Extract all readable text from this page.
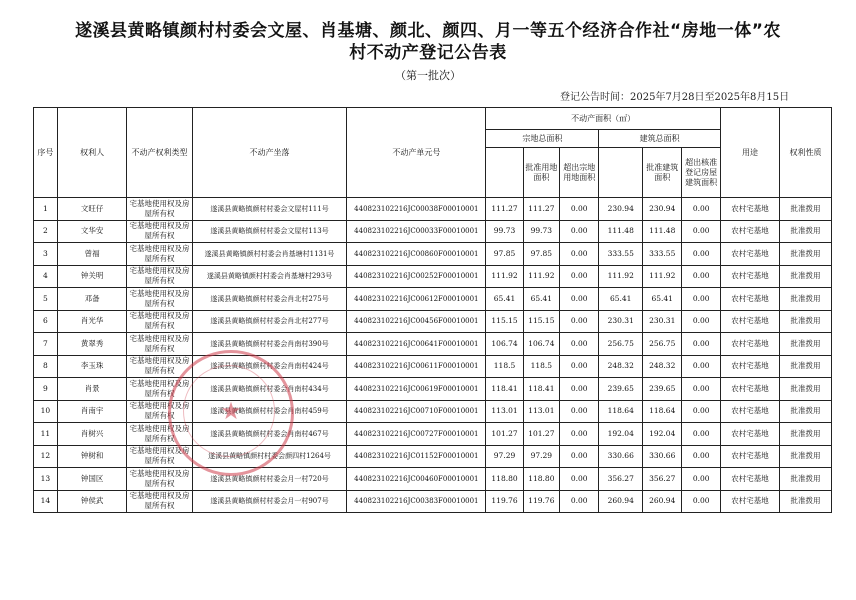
遂溪县黄略镇颜村村委会文屋、肖基塘、颜北、颜四、月一等五个经济合作社“房地一体”农
村不动产登记公告表
（第一批次）
登记公告时间：2025年7月28日至2025年8月15日
序号	权利人	不动产权利类型	不动产坐落	不动产单元号	不动产面积（㎡）						用途	权利性质
					宗地总面积			建筑总面积				
						批准用地面积	超出宗地用地面积		批准建筑面积	超出核准登记房屋建筑面积		
1	文旺仔	宅基地使用权及房屋所有权	遂溪县黄略镇颜村村委会文屋村111号	440823102216JC00038F00010001	111.27	111.27	0.00	230.94	230.94	0.00	农村宅基地	批准拨用
2	文华安	宅基地使用权及房屋所有权	遂溪县黄略镇颜村村委会文屋村113号	440823102216JC00033F00010001	99.73	99.73	0.00	111.48	111.48	0.00	农村宅基地	批准拨用
3	曾福	宅基地使用权及房屋所有权	遂溪县黄略镇颜村村委会肖基塘村1131号	440823102216JC00860F00010001	97.85	97.85	0.00	333.55	333.55	0.00	农村宅基地	批准拨用
4	钟关明	宅基地使用权及房屋所有权	遂溪县黄略镇颜村村委会肖基塘村293号	440823102216JC00252F00010001	111.92	111.92	0.00	111.92	111.92	0.00	农村宅基地	批准拨用
5	邓备	宅基地使用权及房屋所有权	遂溪县黄略镇颜村村委会肖北村275号	440823102216JC00612F00010001	65.41	65.41	0.00	65.41	65.41	0.00	农村宅基地	批准拨用
6	肖光华	宅基地使用权及房屋所有权	遂溪县黄略镇颜村村委会肖北村277号	440823102216JC00456F00010001	115.15	115.15	0.00	230.31	230.31	0.00	农村宅基地	批准拨用
7	黄翠秀	宅基地使用权及房屋所有权	遂溪县黄略镇颜村村委会肖南村390号	440823102216JC00641F00010001	106.74	106.74	0.00	256.75	256.75	0.00	农村宅基地	批准拨用
8	李玉珠	宅基地使用权及房屋所有权	遂溪县黄略镇颜村村委会肖南村424号	440823102216JC00611F00010001	118.5	118.5	0.00	248.32	248.32	0.00	农村宅基地	批准拨用
9	肖景	宅基地使用权及房屋所有权	遂溪县黄略镇颜村村委会肖南村434号	440823102216JC00619F00010001	118.41	118.41	0.00	239.65	239.65	0.00	农村宅基地	批准拨用
10	肖南宇	宅基地使用权及房屋所有权	遂溪县黄略镇颜村村委会肖南村459号	440823102216JC00710F00010001	113.01	113.01	0.00	118.64	118.64	0.00	农村宅基地	批准拨用
11	肖树兴	宅基地使用权及房屋所有权	遂溪县黄略镇颜村村委会肖南村467号	440823102216JC00727F00010001	101.27	101.27	0.00	192.04	192.04	0.00	农村宅基地	批准拨用
12	钟树和	宅基地使用权及房屋所有权	遂溪县黄略镇颜村村委会颜四村1264号	440823102216JC01152F00010001	97.29	97.29	0.00	330.66	330.66	0.00	农村宅基地	批准拨用
13	钟国区	宅基地使用权及房屋所有权	遂溪县黄略镇颜村村委会月一村720号	440823102216JC00460F00010001	118.80	118.80	0.00	356.27	356.27	0.00	农村宅基地	批准拨用
14	钟侯武	宅基地使用权及房屋所有权	遂溪县黄略镇颜村村委会月一村907号	440823102216JC00383F00010001	119.76	119.76	0.00	260.94	260.94	0.00	农村宅基地	批准拨用
★
